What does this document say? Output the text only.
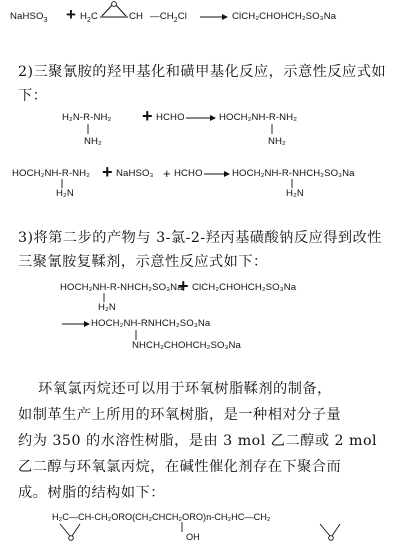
NaHSO$_3$ + $H_2C$	CH $—CH_2Cl$	ClCH₂CHOHCH₂SO₃Na
2)三聚氰胺的羟甲基化和磺甲基化反应，示意性反应式如下：
H₂N-R-NH₂
NH₂
+ HCHO	HOCH₂NH-R-NH₂
NH₂
HOCH₂NH-R-NH₂
H₂N
+ NaHSO₃ + HCHO	HOCH₂NH-R-NHCH₂SO₃Na
H₂N
3)将第二步的产物与 3-氯-2-羟丙基磺酸钠反应得到改性三聚氰胺复鞣剂，示意性反应式如下：
HOCH₂NH-R-NHCH₂SO₃Na
H₂N
+ ClCH₂CHOHCH₂SO₃Na
HOCH₂NH-RNHCH₂SO₃Na
NHCH₂CHOHCH₂SO₃Na
环氧氯丙烷还可以用于环氧树脂鞣剂的制备，
如制革生产上所用的环氧树脂，是一种相对分子量
约为 350 的水溶性树脂，是由 3 mol 乙二醇或 2 mol
乙二醇与环氧氯丙烷，在碱性催化剂存在下聚合而
成。树脂的结构如下：
H₂C—CH-CH₂ORO(CH₂CHCH₂ORO)n-CH₂HC—CH₂
OH
